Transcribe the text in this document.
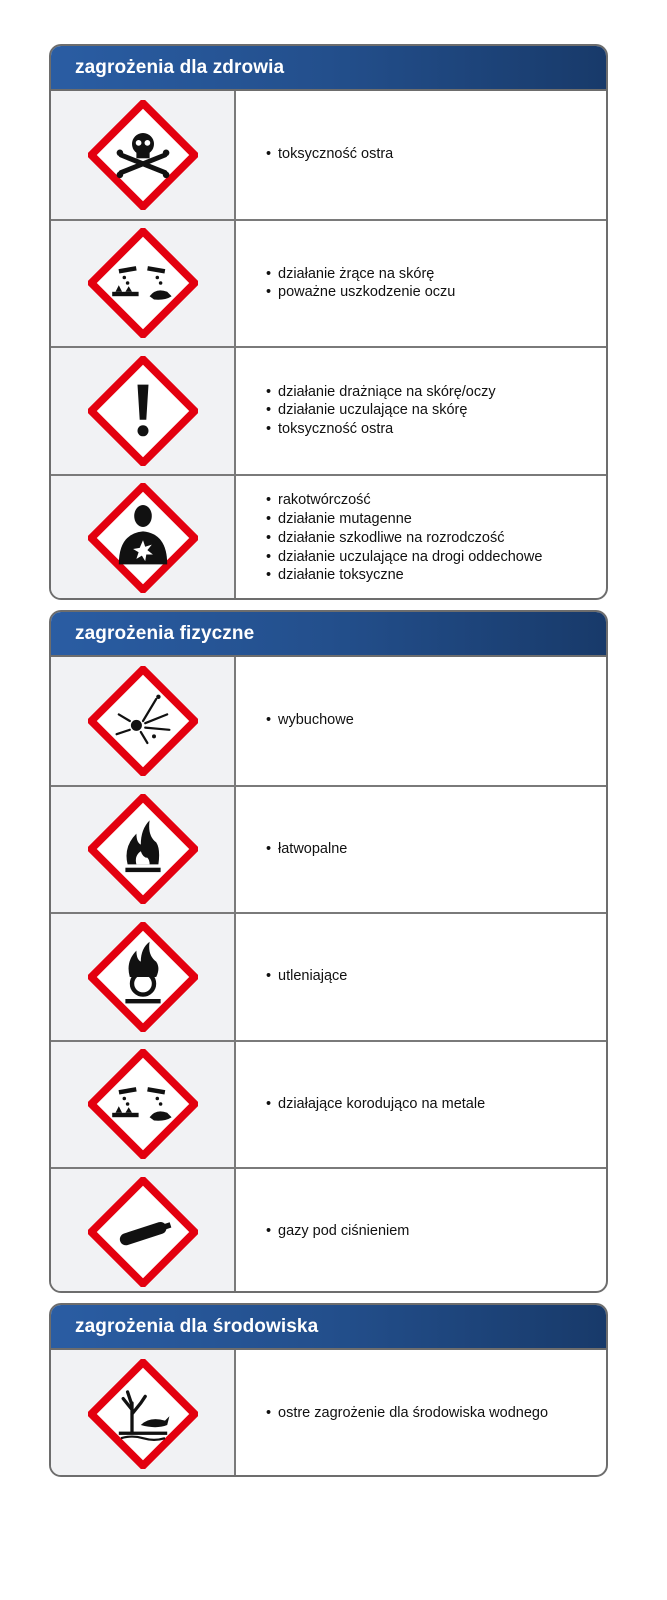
zagrożenia dla zdrowia
• toksyczność ostra
• działanie żrące na skórę
• poważne uszkodzenie oczu
• działanie drażniące na skórę/oczy
• działanie uczulające na skórę
• toksyczność ostra
• rakotwórczość
• działanie mutagenne
• działanie szkodliwe na rozrodczość
• działanie uczulające na drogi oddechowe
• działanie toksyczne
zagrożenia fizyczne
• wybuchowe
• łatwopalne
• utleniające
• działające korodująco na metale
• gazy pod ciśnieniem
zagrożenia dla środowiska
• ostre zagrożenie dla środowiska wodnego
